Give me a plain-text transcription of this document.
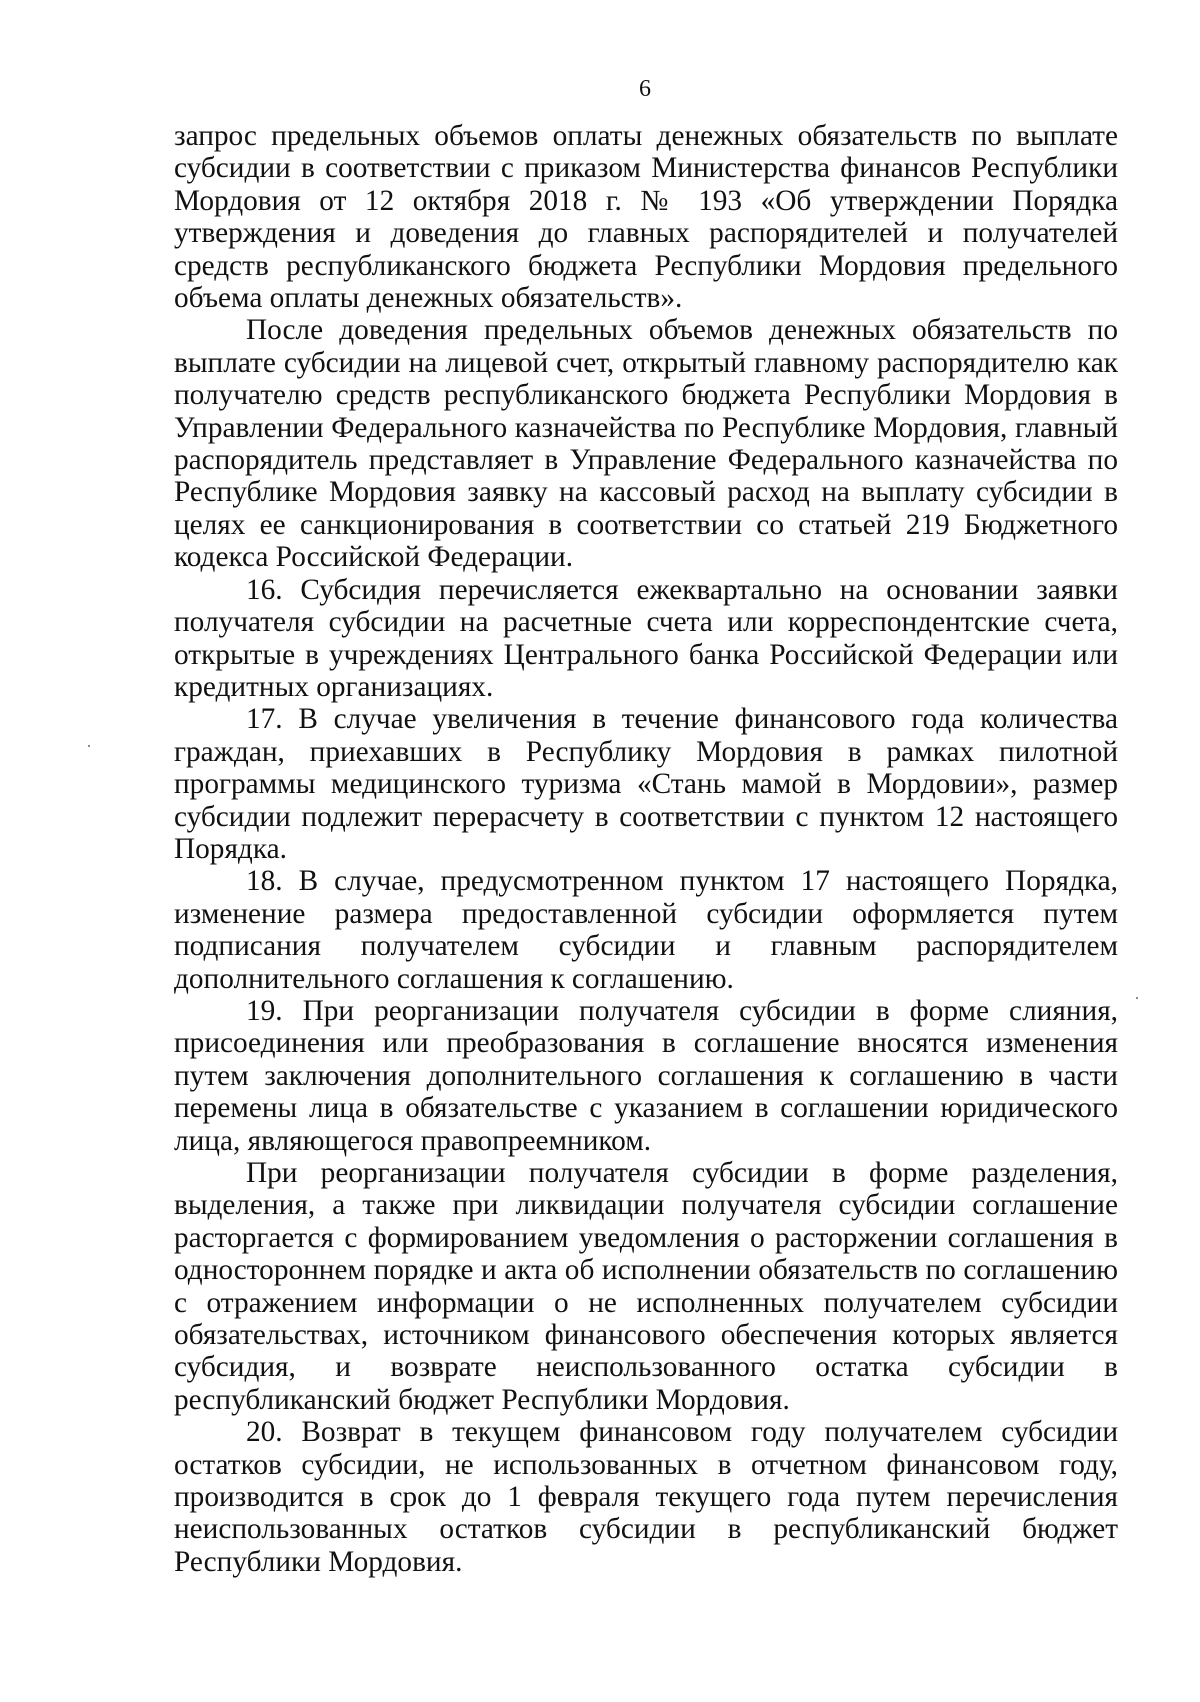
6

запрос предельных объемов оплаты денежных обязательств по выплате субсидии в соответствии с приказом Министерства финансов Республики Мордовия от 12 октября 2018 г. № 193 «Об утверждении Порядка утверждения и доведения до главных распорядителей и получателей средств республиканского бюджета Республики Мордовия предельного объема оплаты денежных обязательств».

После доведения предельных объемов денежных обязательств по выплате субсидии на лицевой счет, открытый главному распорядителю как получателю средств республиканского бюджета Республики Мордовия в Управлении Федерального казначейства по Республике Мордовия, главный распорядитель представляет в Управление Федерального казначейства по Республике Мордовия заявку на кассовый расход на выплату субсидии в целях ее санкционирования в соответствии со статьей 219 Бюджетного кодекса Российской Федерации.

16. Субсидия перечисляется ежеквартально на основании заявки получателя субсидии на расчетные счета или корреспондентские счета, открытые в учреждениях Центрального банка Российской Федерации или кредитных организациях.

17. В случае увеличения в течение финансового года количества граждан, приехавших в Республику Мордовия в рамках пилотной программы медицинского туризма «Стань мамой в Мордовии», размер субсидии подлежит перерасчету в соответствии с пунктом 12 настоящего Порядка.

18. В случае, предусмотренном пунктом 17 настоящего Порядка, изменение размера предоставленной субсидии оформляется путем подписания получателем субсидии и главным распорядителем дополнительного соглашения к соглашению.

19. При реорганизации получателя субсидии в форме слияния, присоединения или преобразования в соглашение вносятся изменения путем заключения дополнительного соглашения к соглашению в части перемены лица в обязательстве с указанием в соглашении юридического лица, являющегося правопреемником.

При реорганизации получателя субсидии в форме разделения, выделения, а также при ликвидации получателя субсидии соглашение расторгается с формированием уведомления о расторжении соглашения в одностороннем порядке и акта об исполнении обязательств по соглашению с отражением информации о не исполненных получателем субсидии обязательствах, источником финансового обеспечения которых является субсидия, и возврате неиспользованного остатка субсидии в республиканский бюджет Республики Мордовия.

20. Возврат в текущем финансовом году получателем субсидии остатков субсидии, не использованных в отчетном финансовом году, производится в срок до 1 февраля текущего года путем перечисления неиспользованных остатков субсидии в республиканский бюджет Республики Мордовия.
